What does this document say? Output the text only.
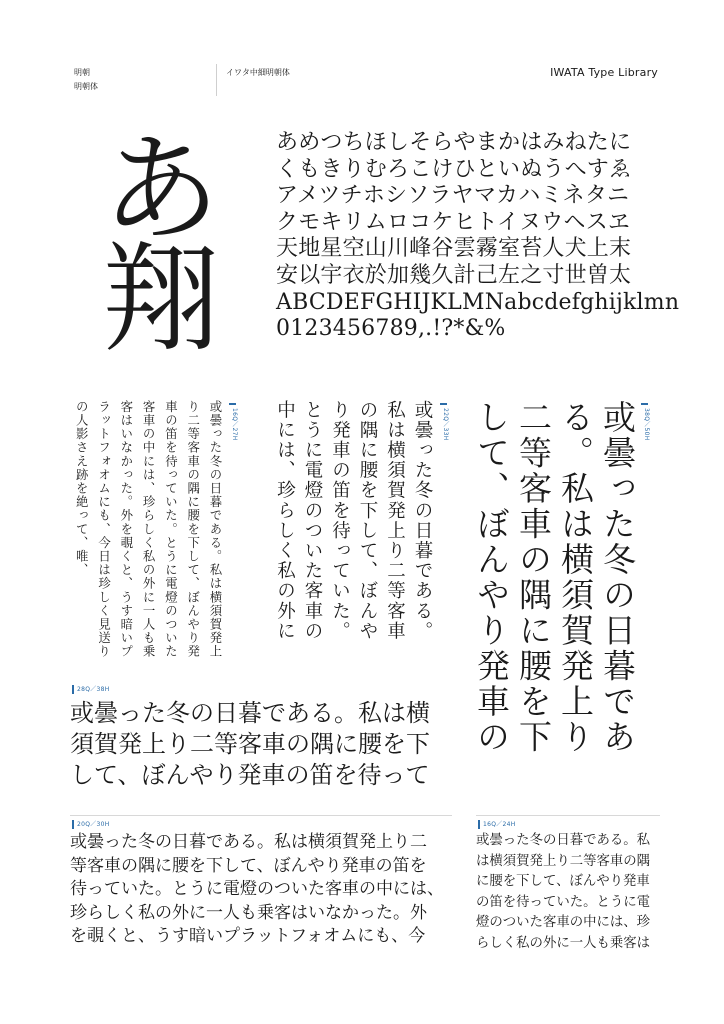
明朝
明朝体
イワタ中細明朝体	IWATA Type Library
あ
翔
あめつちほしそらやまかはみねたに
くもきりむろこけひといぬうへすゑ
アメツチホシソラヤマカハミネタニ
クモキリムロコケヒトイヌウヘスヱ
天地星空山川峰谷雲霧室苔人犬上末
安以宇衣於加幾久計己左之寸世曽太
ABCDEFGHIJKLMNabcdefghijklmn
0123456789,.!?*&%
38Q／50H
或曇った冬の日暮である。私は横須賀発上り二等客車の隅に腰を下して、ぼんやり発車の
22Q／33H
或曇った冬の日暮である。私は横須賀発上り二等客車の隅に腰を下して、ぼんやり発車の笛を待っていた。とうに電燈のついた客車の中には、珍らしく私の外に
16Q／27H
或曇った冬の日暮である。私は横須賀発上り二等客車の隅に腰を下して、ぼんやり発車の笛を待っていた。とうに電燈のついた客車の中には、珍らしく私の外に一人も乗客はいなかった。外を覗くと、うす暗いプラットフォオムにも、今日は珍しく見送りの人影さえ跡を絶って、唯、
28Q／38H
或曇った冬の日暮である。私は横
須賀発上り二等客車の隅に腰を下
して、ぼんやり発車の笛を待って
20Q／30H
或曇った冬の日暮である。私は横須賀発上り二
等客車の隅に腰を下して、ぼんやり発車の笛を
待っていた。とうに電燈のついた客車の中には、
珍らしく私の外に一人も乗客はいなかった。外
を覗くと、うす暗いプラットフォオムにも、今
16Q／24H
或曇った冬の日暮である。私
は横須賀発上り二等客車の隅
に腰を下して、ぼんやり発車
の笛を待っていた。とうに電
燈のついた客車の中には、珍
らしく私の外に一人も乗客は
